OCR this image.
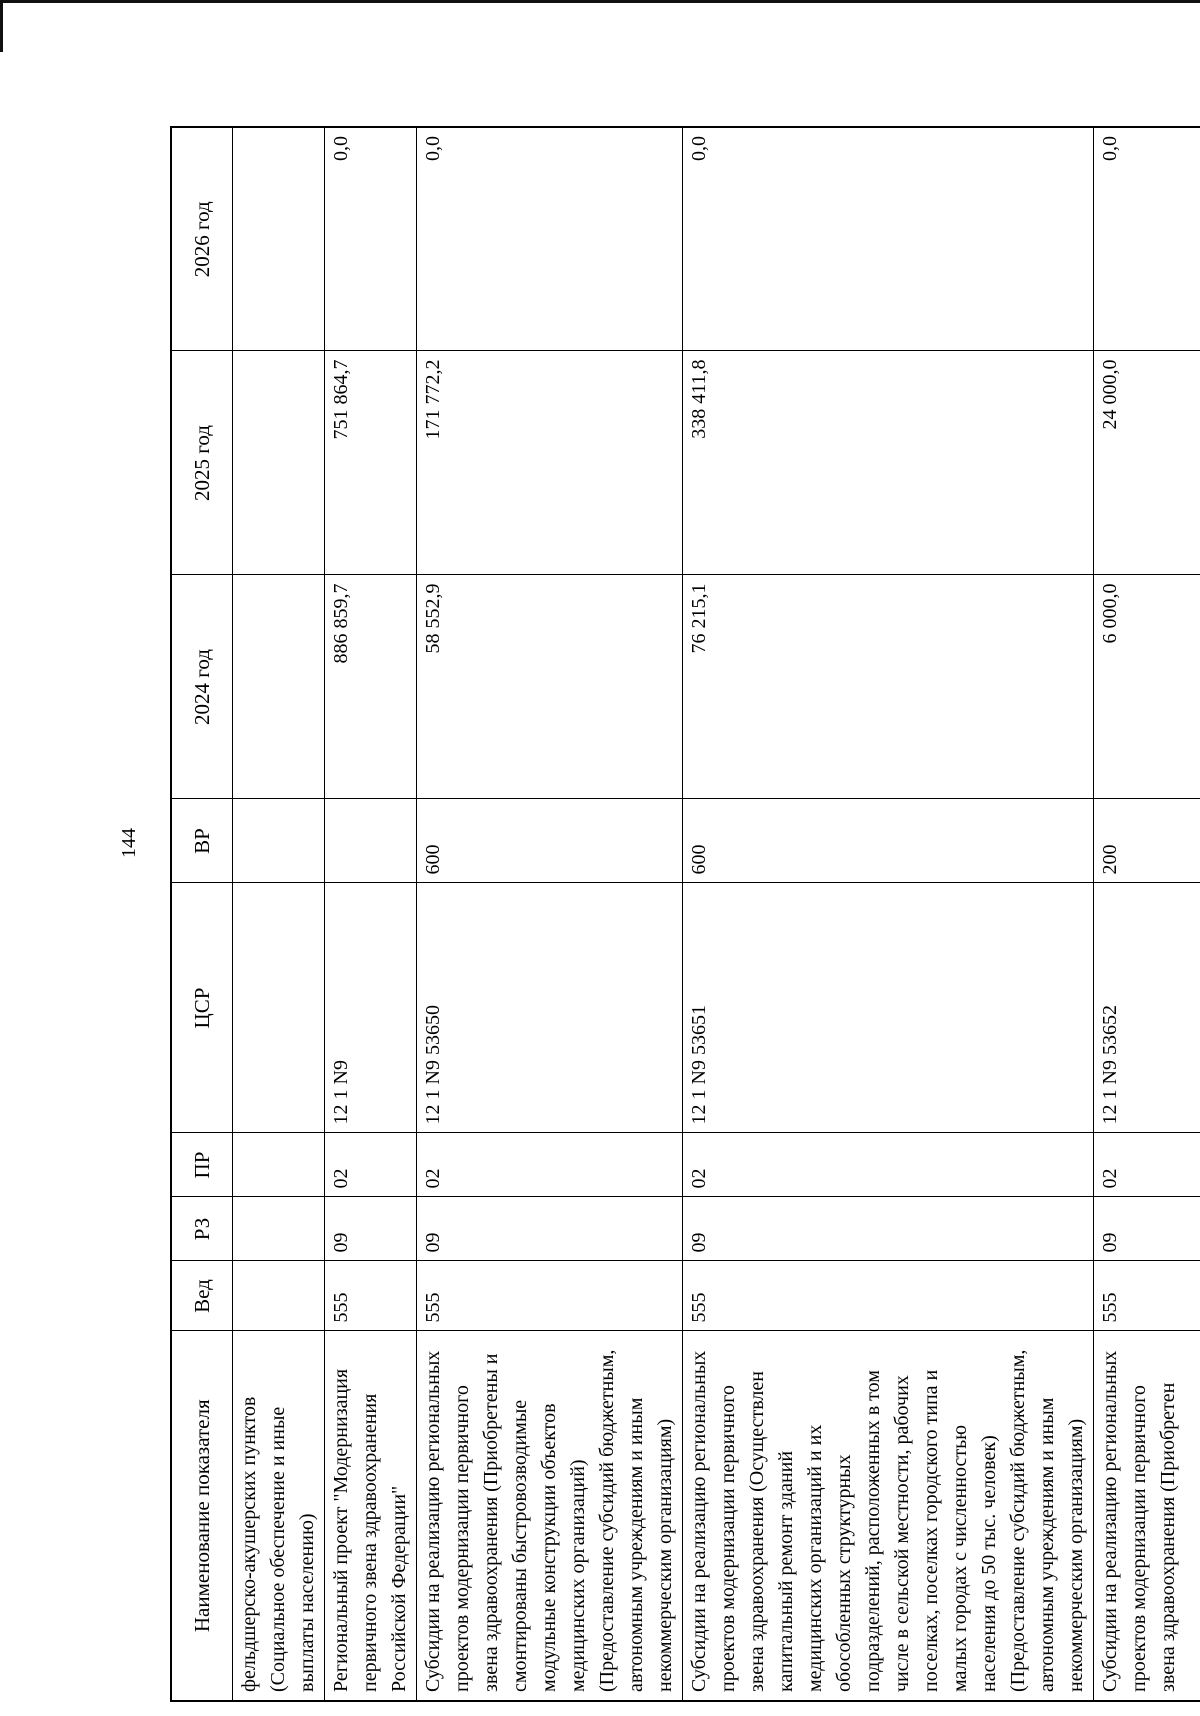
144
Наименование показателя	Вед	РЗ	ПР	ЦСР	ВР	2024 год	2025 год	2026 год
фельдшерско-акушерских пунктов (Социальное обеспечение и иные выплаты населению)								
Региональный проект "Модернизация первичного звена здравоохранения Российской Федерации"	555	09	02	12 1 N9		886 859,7	751 864,7	0,0
Субсидии на реализацию региональных проектов модернизации первичного звена здравоохранения (Приобретены и смонтированы быстровозводимые модульные конструкции объектов медицинских организаций) (Предоставление субсидий бюджетным, автономным учреждениям и иным некоммерческим организациям)	555	09	02	12 1 N9 53650	600	58 552,9	171 772,2	0,0
Субсидии на реализацию региональных проектов модернизации первичного звена здравоохранения (Осуществлен капитальный ремонт зданий медицинских организаций и их обособленных структурных подразделений, расположенных в том числе в сельской местности, рабочих поселках, поселках городского типа и малых городах с численностью населения до 50 тыс. человек) (Предоставление субсидий бюджетным, автономным учреждениям и иным некоммерческим организациям)	555	09	02	12 1 N9 53651	600	76 215,1	338 411,8	0,0
Субсидии на реализацию региональных проектов модернизации первичного звена здравоохранения (Приобретен	555	09	02	12 1 N9 53652	200	6 000,0	24 000,0	0,0
